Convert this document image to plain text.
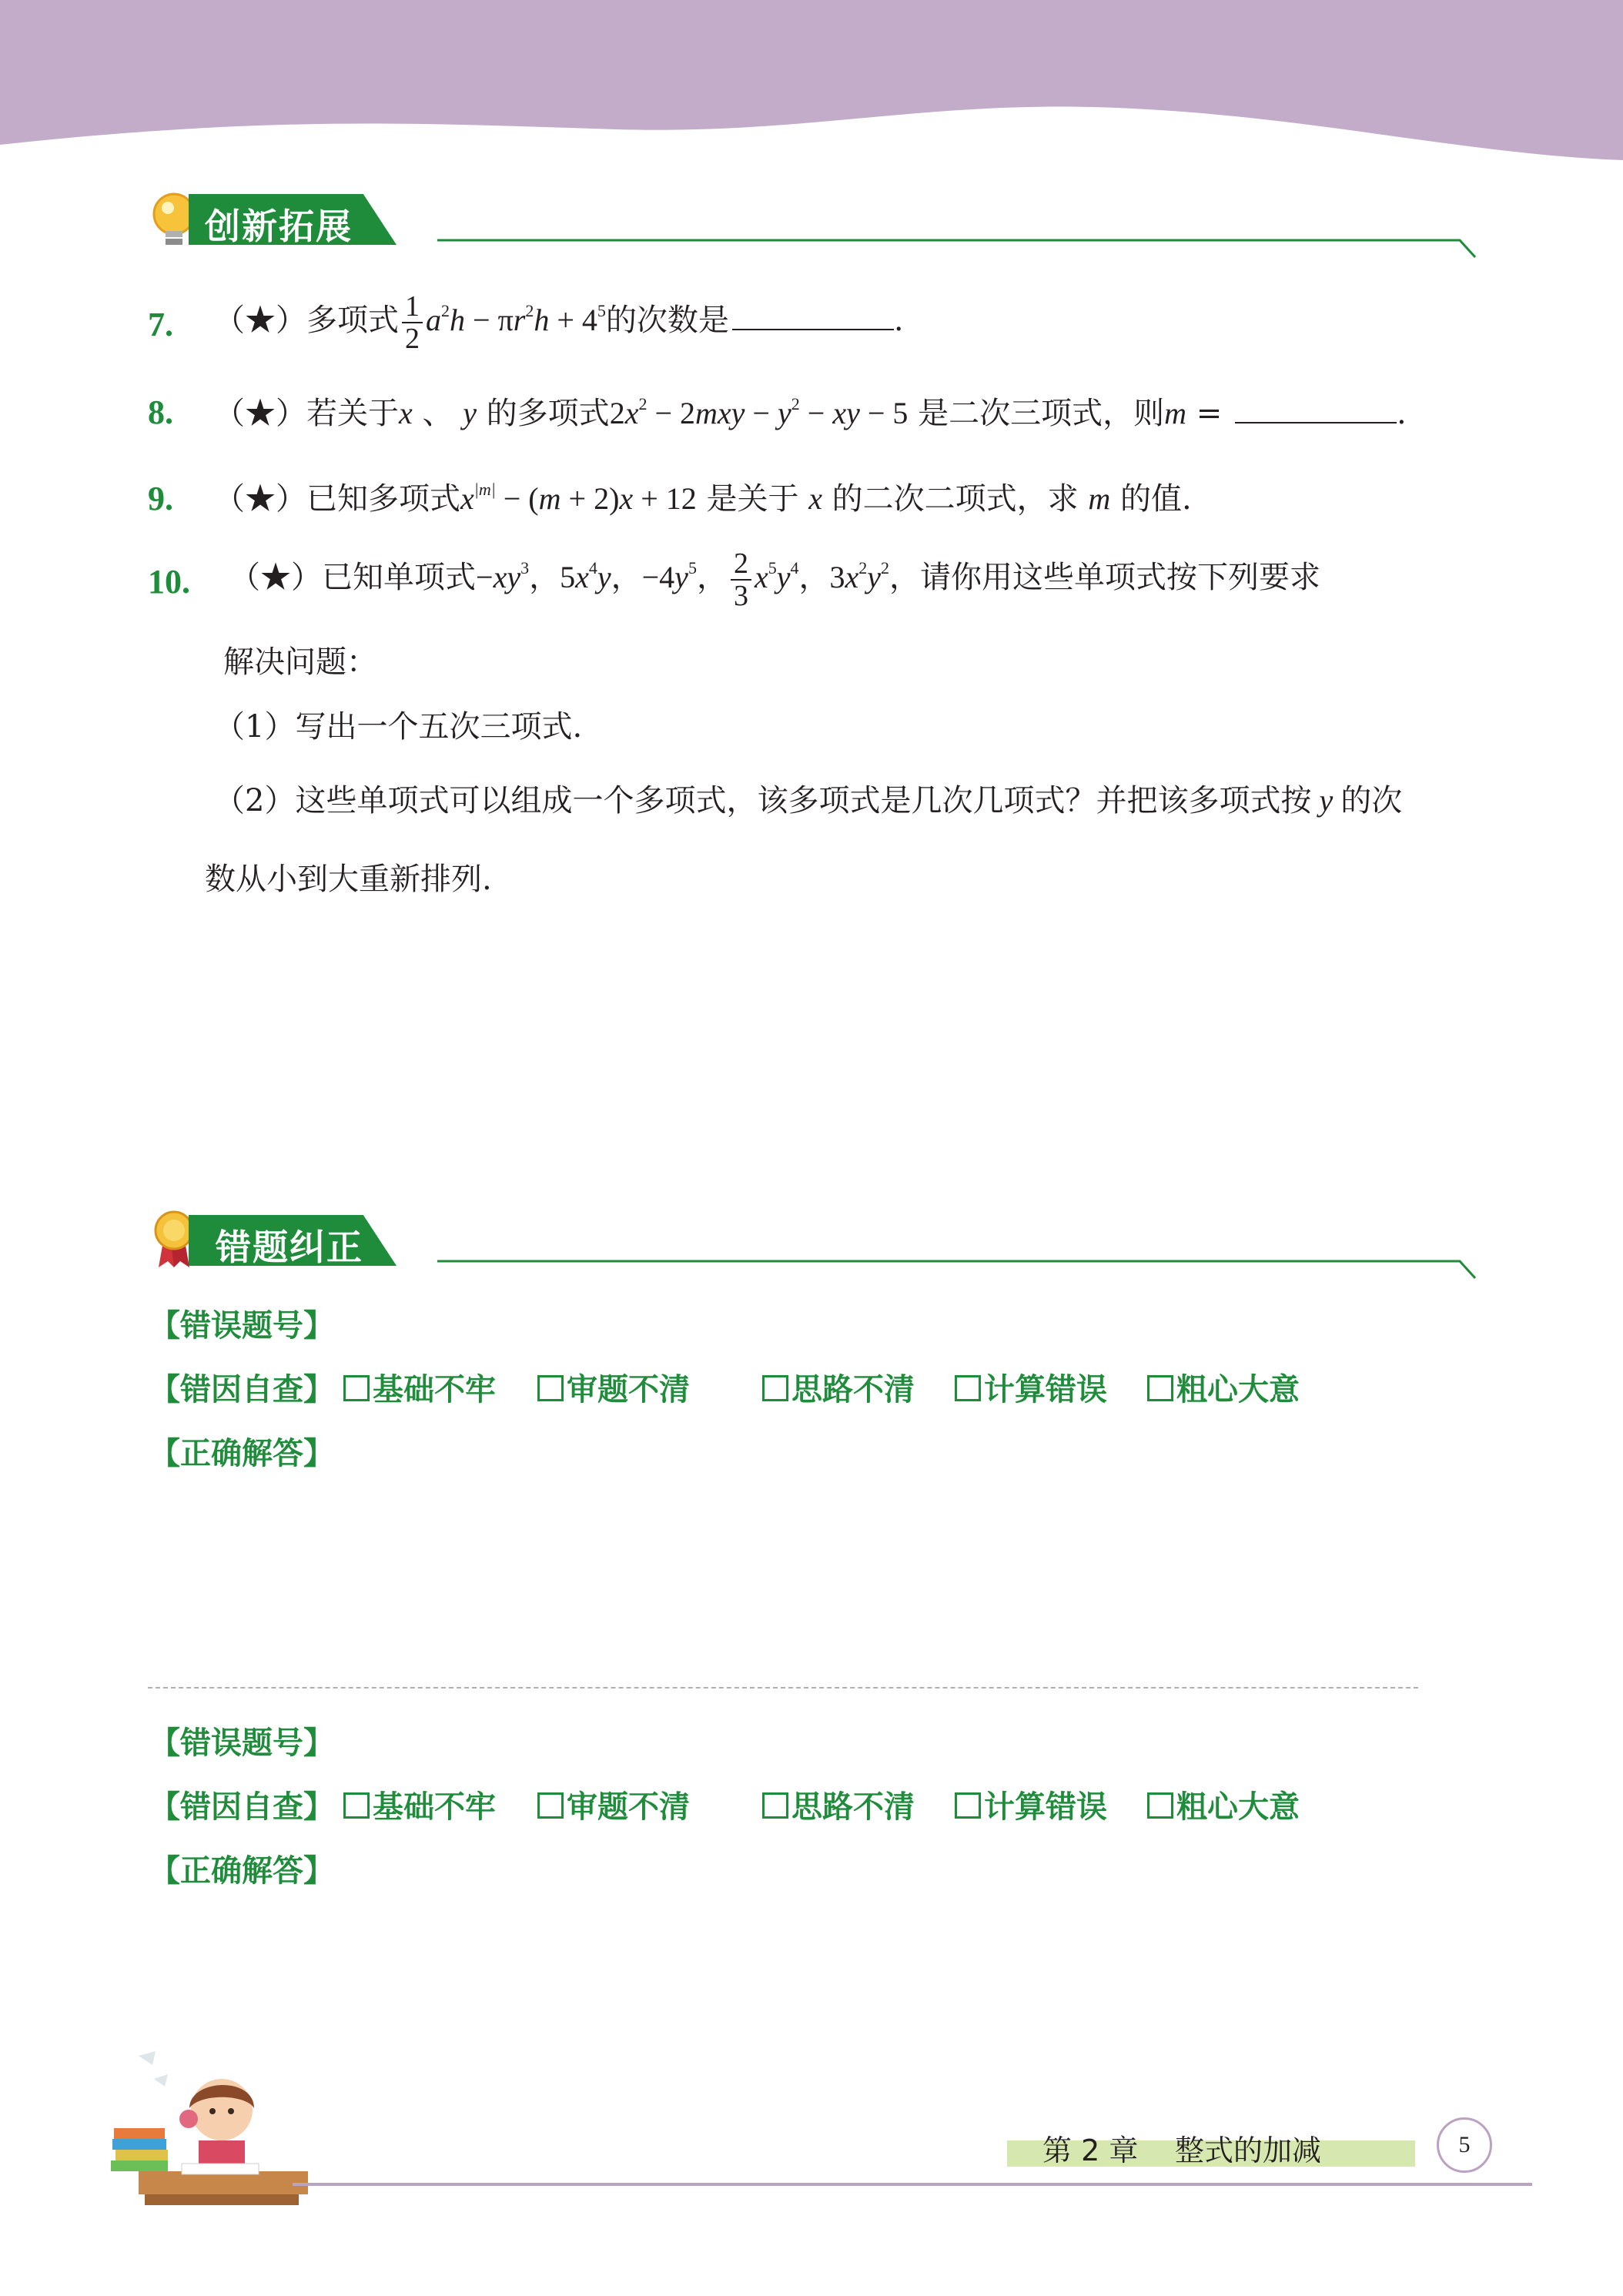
创新拓展
7. （★）多项式 $\frac{1}{2} a^2h - \pi r^2h + 4^5$的次数是	.
8. （★）若关于x 、 y 的多项式$2x^2 - 2mxy - y^2$ − xy − 5 是二次三项式，则m =	.
9. （★）已知多项式$x^{|m|} - (m + 2)x + 12$ 是关于 x 的二次二项式，求 m 的值.
10. （★）已知单项式$-xy^3$，$5x^4y$，$-4y^5$， $\frac{2}{3} x^5y^4$，$3x^2y^2$，请你用这些单项式按下列要求
解决问题：
（1）写出一个五次三项式.
（2）这些单项式可以组成一个多项式，该多项式是几次几项式？并把该多项式按 y 的次
数从小到大重新排列.
错题纠正
【错误题号】
【错因自查】	基础不牢	审题不清	思路不清	计算错误	粗心大意
【正确解答】
【错误题号】
【错因自查】	基础不牢	审题不清	思路不清	计算错误	粗心大意
【正确解答】
第 2 章 整式的加减	5
